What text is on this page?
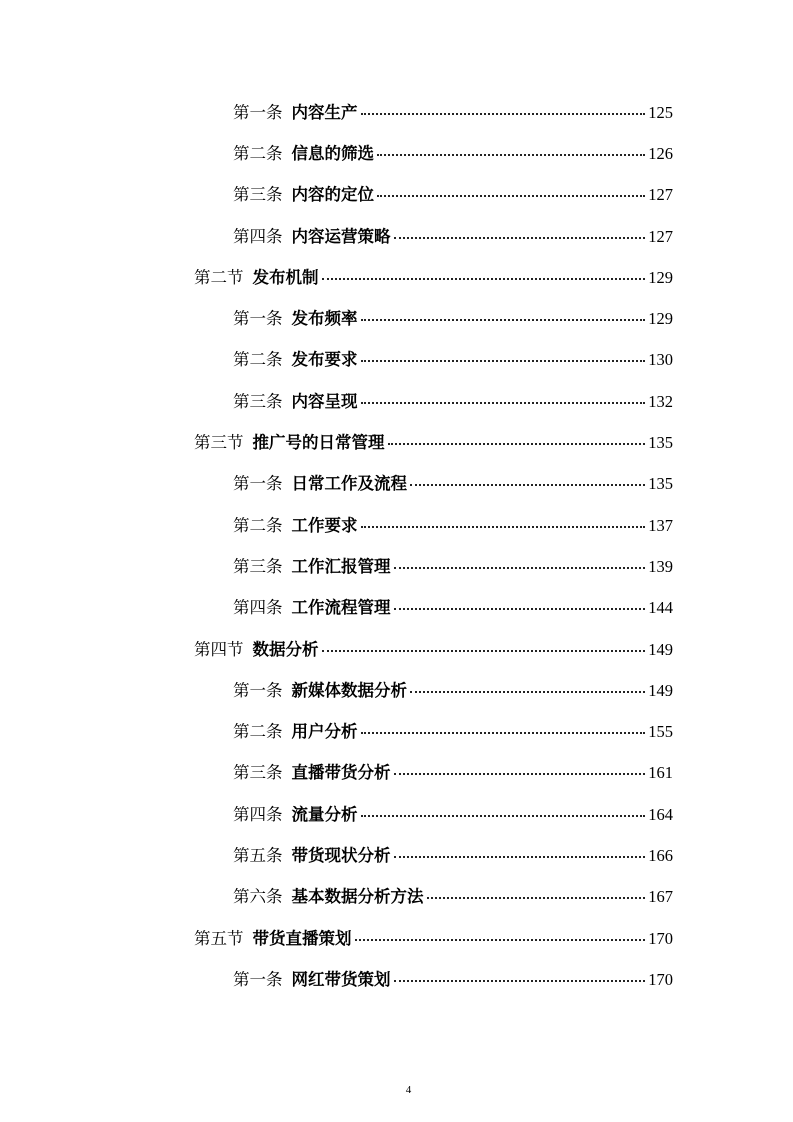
第一条 内容生产	125
第二条 信息的筛选	126
第三条 内容的定位	127
第四条 内容运营策略	127
第二节 发布机制	129
第一条 发布频率	129
第二条 发布要求	130
第三条 内容呈现	132
第三节 推广号的日常管理	135
第一条 日常工作及流程	135
第二条 工作要求	137
第三条 工作汇报管理	139
第四条 工作流程管理	144
第四节 数据分析	149
第一条 新媒体数据分析	149
第二条 用户分析	155
第三条 直播带货分析	161
第四条 流量分析	164
第五条 带货现状分析	166
第六条 基本数据分析方法	167
第五节 带货直播策划	170
第一条 网红带货策划	170
4
